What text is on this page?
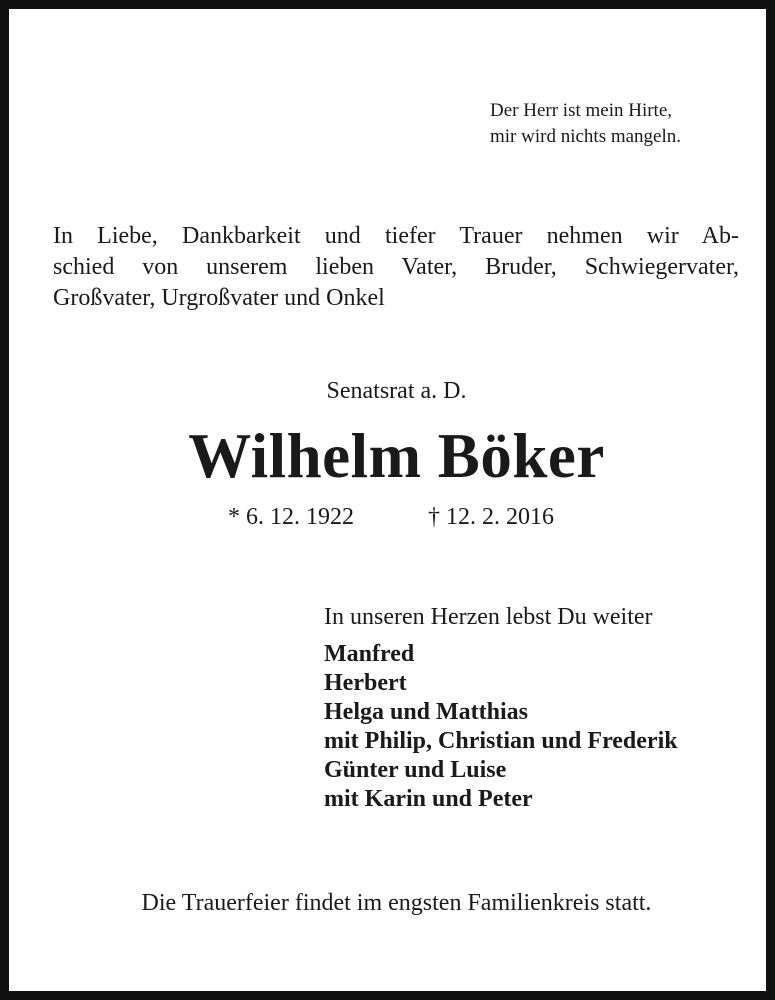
Der Herr ist mein Hirte,
mir wird nichts mangeln.
In Liebe, Dankbarkeit und tiefer Trauer nehmen wir Ab-
schied von unserem lieben Vater, Bruder, Schwiegervater,
Großvater, Urgroßvater und Onkel
Senatsrat a. D.
Wilhelm Böker
* 6. 12. 1922	† 12. 2. 2016
In unseren Herzen lebst Du weiter
Manfred
Herbert
Helga und Matthias
mit Philip, Christian und Frederik
Günter und Luise
mit Karin und Peter
Die Trauerfeier findet im engsten Familienkreis statt.
